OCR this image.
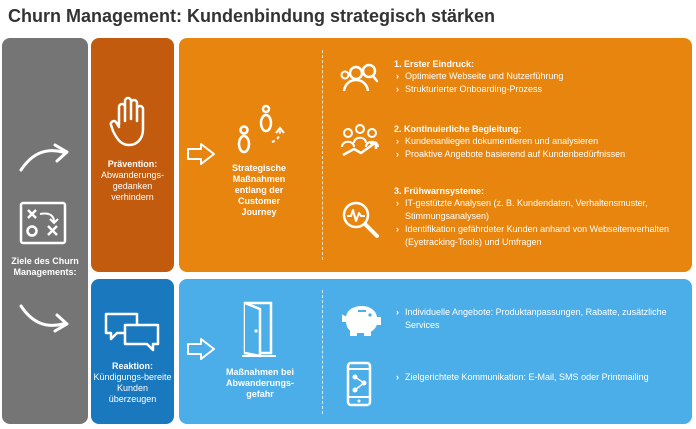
Churn Management: Kundenbindung strategisch stärken
Ziele des Churn Managements:
Prävention:
Abwanderungs-gedanken verhindern
Reaktion:
Kündigungs-bereite Kunden überzeugen
Strategische Maßnahmen entlang der Customer Journey
1. Erster Eindruck:
› Optimierte Webseite und Nutzerführung
› Strukturierter Onboarding-Prozess
2. Kontinuierliche Begleitung:
› Kundenanliegen dokumentieren und analysieren
› Proaktive Angebote basierend auf Kundenbedürfnissen
3. Frühwarnsysteme:
› IT-gestützte Analysen (z. B. Kundendaten, Verhaltensmuster, Stimmungsanalysen)
› Identifikation gefährdeter Kunden anhand von Webseitenverhalten (Eyetracking-Tools) und Umfragen
Maßnahmen bei Abwanderungs-gefahr
› Individuelle Angebote: Produktanpassungen, Rabatte, zusätzliche Services
› Zielgerichtete Kommunikation: E-Mail, SMS oder Printmailing
